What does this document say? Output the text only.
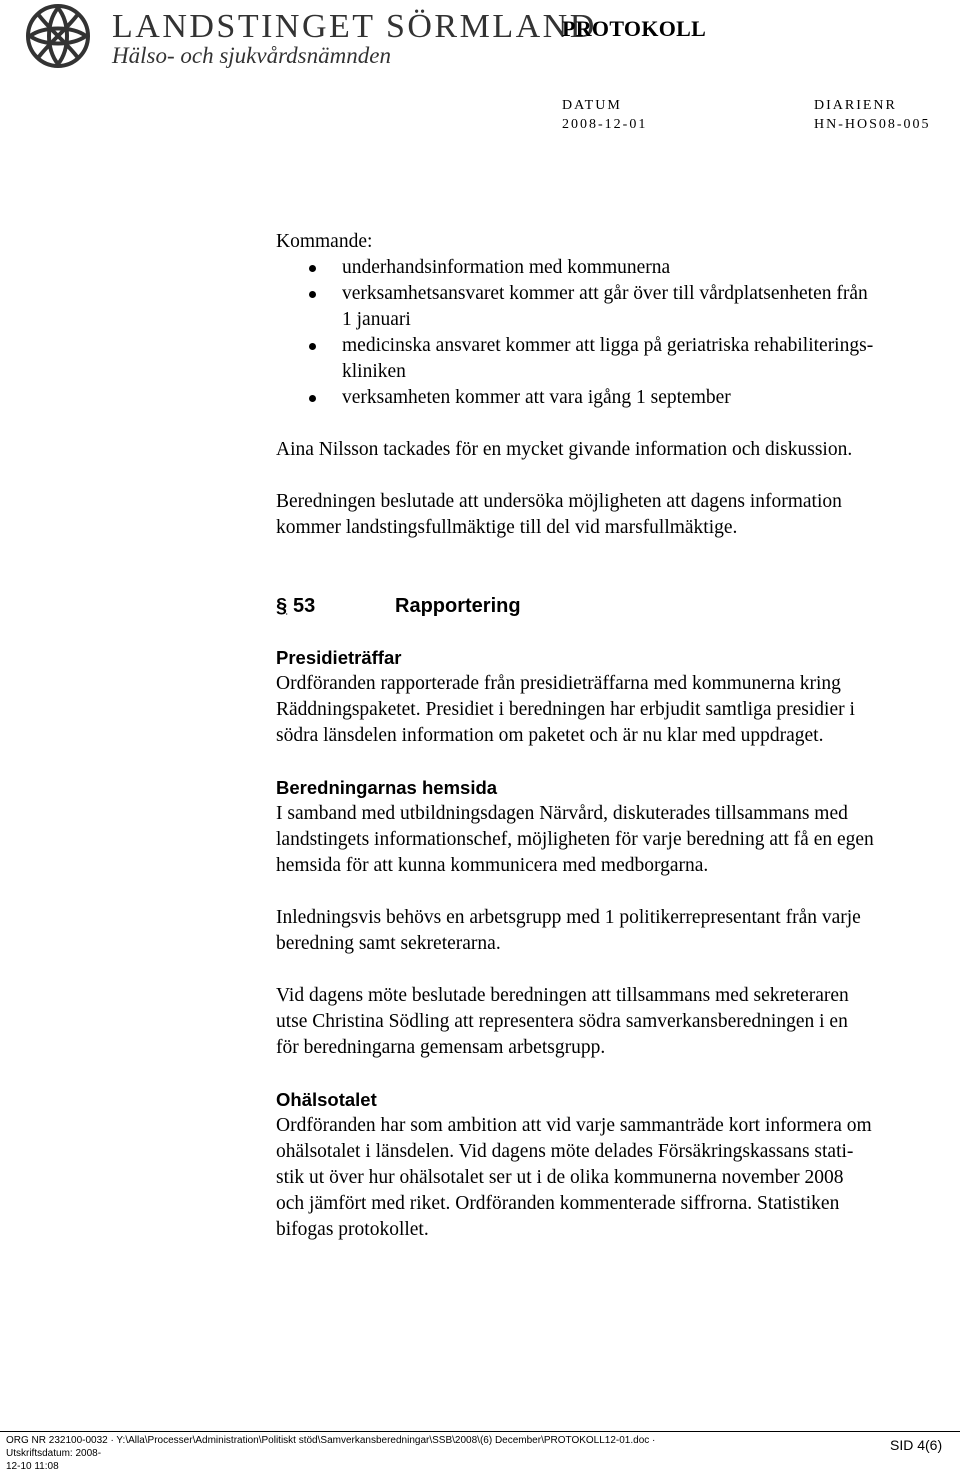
LANDSTINGET SÖRMLAND
Hälso- och sjukvårdsnämnden
PROTOKOLL
DATUM
2008-12-01
DIARIENR
HN-HOS08-005

Kommande:

underhandsinformation med kommunerna
verksamhetsansvaret kommer att går över till vårdplatsenheten från
1 januari
medicinska ansvaret kommer att ligga på geriatriska rehabiliterings-
kliniken
verksamheten kommer att vara igång 1 september

Aina Nilsson tackades för en mycket givande information och diskussion.

Beredningen beslutade att undersöka möjligheten att dagens information
kommer landstingsfullmäktige till del vid marsfullmäktige.

§ 53	Rapportering
Presidieträffar

Ordföranden rapporterade från presidieträffarna med kommunerna kring
Räddningspaketet. Presidiet i beredningen har erbjudit samtliga presidier i
södra länsdelen information om paketet och är nu klar med uppdraget.

Beredningarnas hemsida

I samband med utbildningsdagen Närvård, diskuterades tillsammans med
landstingets informationschef, möjligheten för varje beredning att få en egen
hemsida för att kunna kommunicera med medborgarna.

Inledningsvis behövs en arbetsgrupp med 1 politikerrepresentant från varje
beredning samt sekreterarna.

Vid dagens möte beslutade beredningen att tillsammans med sekreteraren
utse Christina Södling att representera södra samverkansberedningen i en
för beredningarna gemensam arbetsgrupp.

Ohälsotalet

Ordföranden har som ambition att vid varje sammanträde kort informera om
ohälsotalet i länsdelen. Vid dagens möte delades Försäkringskassans stati-
stik ut över hur ohälsotalet ser ut i de olika kommunerna november 2008
och jämfört med riket. Ordföranden kommenterade siffrorna. Statistiken
bifogas protokollet.

ORG NR 232100-0032 · Y:\Alla\Processer\Administration\Politiskt stöd\Samverkansberedningar\SSB\2008\(6) December\PROTOKOLL12-01.doc · Utskriftsdatum: 2008-
12-10 11:08
SID 4(6)
